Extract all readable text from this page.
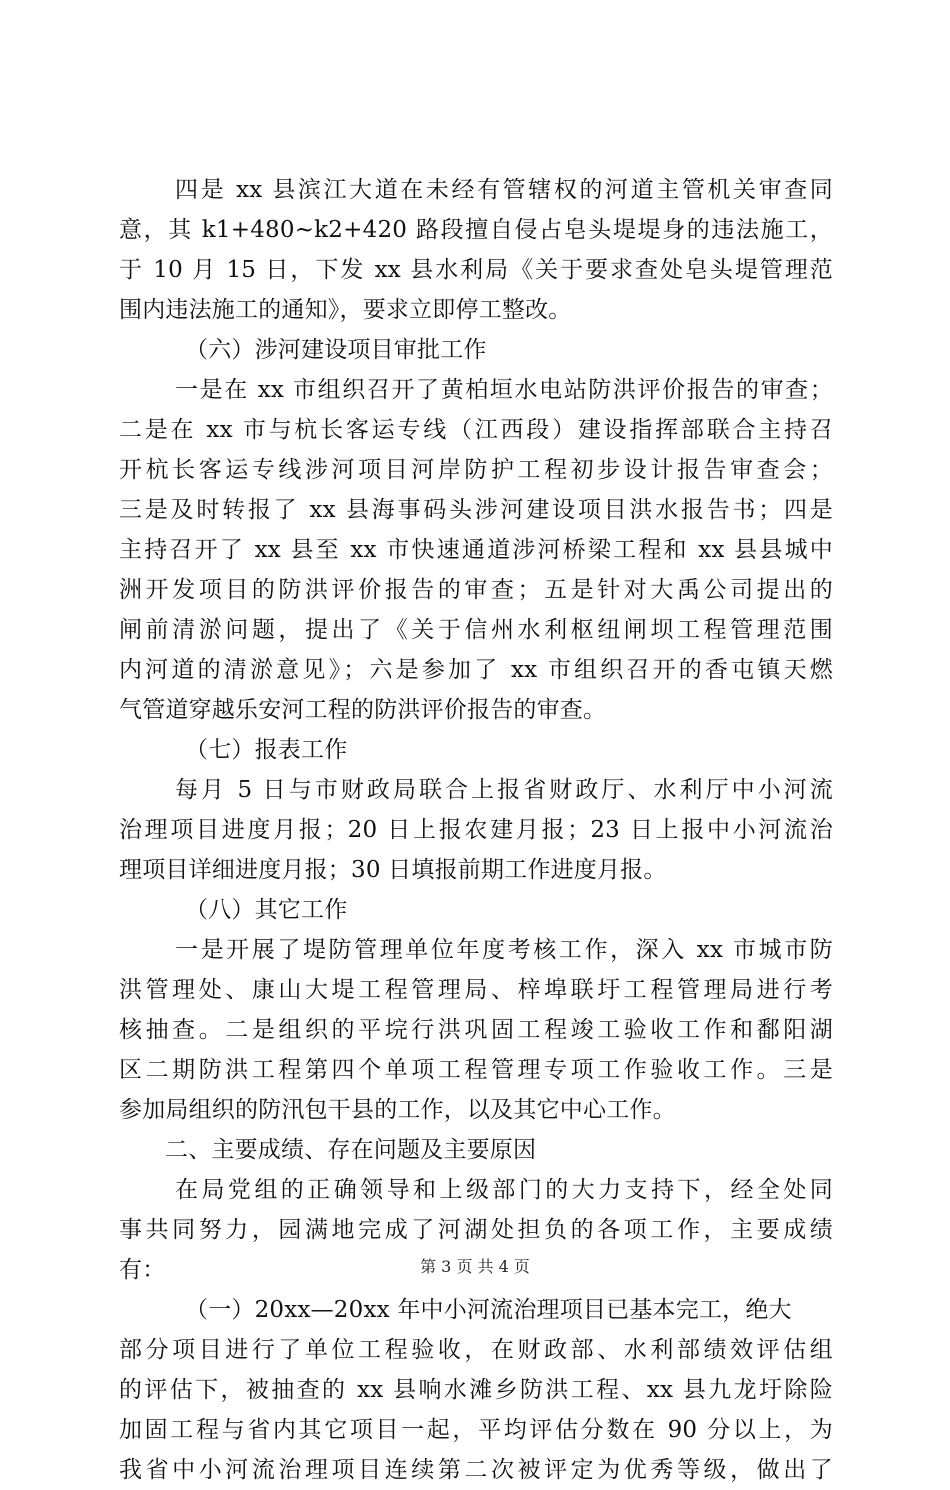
四是 xx 县滨江大道在未经有管辖权的河道主管机关审查同
意，其 k1+480~k2+420 路段擅自侵占皂头堤堤身的违法施工，
于 10 月 15 日，下发 xx 县水利局《关于要求查处皂头堤管理范
围内违法施工的通知》，要求立即停工整改。
（六）涉河建设项目审批工作
一是在 xx 市组织召开了黄柏垣水电站防洪评价报告的审查；
二是在 xx 市与杭长客运专线（江西段）建设指挥部联合主持召
开杭长客运专线涉河项目河岸防护工程初步设计报告审查会；
三是及时转报了 xx 县海事码头涉河建设项目洪水报告书；四是
主持召开了 xx 县至 xx 市快速通道涉河桥梁工程和 xx 县县城中
洲开发项目的防洪评价报告的审查；五是针对大禹公司提出的
闸前清淤问题，提出了《关于信州水利枢纽闸坝工程管理范围
内河道的清淤意见》；六是参加了 xx 市组织召开的香屯镇天燃
气管道穿越乐安河工程的防洪评价报告的审查。
（七）报表工作
每月 5 日与市财政局联合上报省财政厅、水利厅中小河流
治理项目进度月报；20 日上报农建月报；23 日上报中小河流治
理项目详细进度月报；30 日填报前期工作进度月报。
（八）其它工作
一是开展了堤防管理单位年度考核工作，深入 xx 市城市防
洪管理处、康山大堤工程管理局、梓埠联圩工程管理局进行考
核抽查。二是组织的平垸行洪巩固工程竣工验收工作和鄱阳湖
区二期防洪工程第四个单项工程管理专项工作验收工作。三是
参加局组织的防汛包干县的工作，以及其它中心工作。
二、主要成绩、存在问题及主要原因
在局党组的正确领导和上级部门的大力支持下，经全处同
事共同努力，园满地完成了河湖处担负的各项工作，主要成绩
有：
（一）20xx—20xx 年中小河流治理项目已基本完工，绝大
部分项目进行了单位工程验收，在财政部、水利部绩效评估组
的评估下，被抽查的 xx 县响水滩乡防洪工程、xx 县九龙圩除险
加固工程与省内其它项目一起，平均评估分数在 90 分以上，为
我省中小河流治理项目连续第二次被评定为优秀等级，做出了
第 3 页 共 4 页
